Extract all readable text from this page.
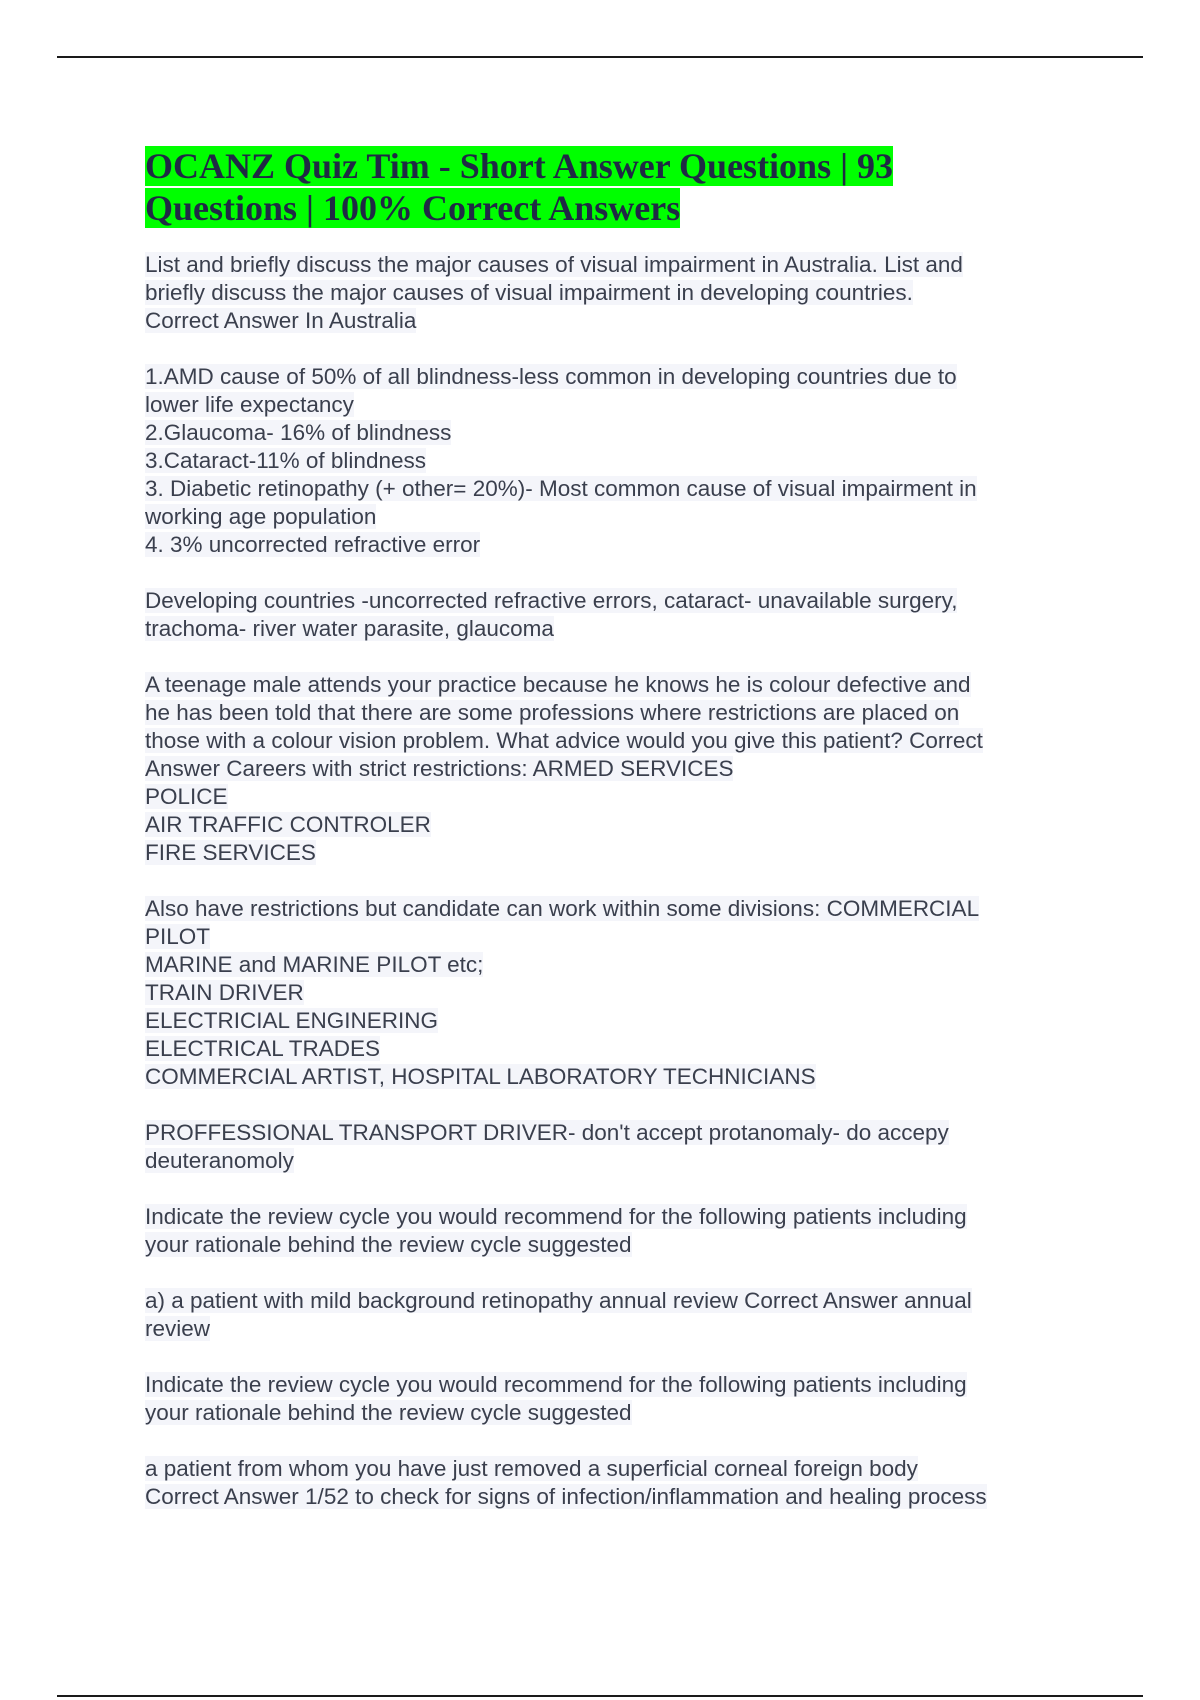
OCANZ Quiz Tim - Short Answer Questions | 93
Questions | 100% Correct Answers
List and briefly discuss the major causes of visual impairment in Australia. List and
briefly discuss the major causes of visual impairment in developing countries.
Correct Answer In Australia
1.AMD cause of 50% of all blindness-less common in developing countries due to
lower life expectancy
2.Glaucoma- 16% of blindness
3.Cataract-11% of blindness
3. Diabetic retinopathy (+ other= 20%)- Most common cause of visual impairment in
working age population
4. 3% uncorrected refractive error
Developing countries -uncorrected refractive errors, cataract- unavailable surgery,
trachoma- river water parasite, glaucoma
A teenage male attends your practice because he knows he is colour defective and
he has been told that there are some professions where restrictions are placed on
those with a colour vision problem. What advice would you give this patient? Correct
Answer Careers with strict restrictions: ARMED SERVICES
POLICE
AIR TRAFFIC CONTROLER
FIRE SERVICES
Also have restrictions but candidate can work within some divisions: COMMERCIAL
PILOT
MARINE and MARINE PILOT etc;
TRAIN DRIVER
ELECTRICIAL ENGINERING
ELECTRICAL TRADES
COMMERCIAL ARTIST, HOSPITAL LABORATORY TECHNICIANS
PROFFESSIONAL TRANSPORT DRIVER- don't accept protanomaly- do accepy
deuteranomoly
Indicate the review cycle you would recommend for the following patients including
your rationale behind the review cycle suggested
a) a patient with mild background retinopathy annual review Correct Answer annual
review
Indicate the review cycle you would recommend for the following patients including
your rationale behind the review cycle suggested
a patient from whom you have just removed a superficial corneal foreign body
Correct Answer 1/52 to check for signs of infection/inflammation and healing process
